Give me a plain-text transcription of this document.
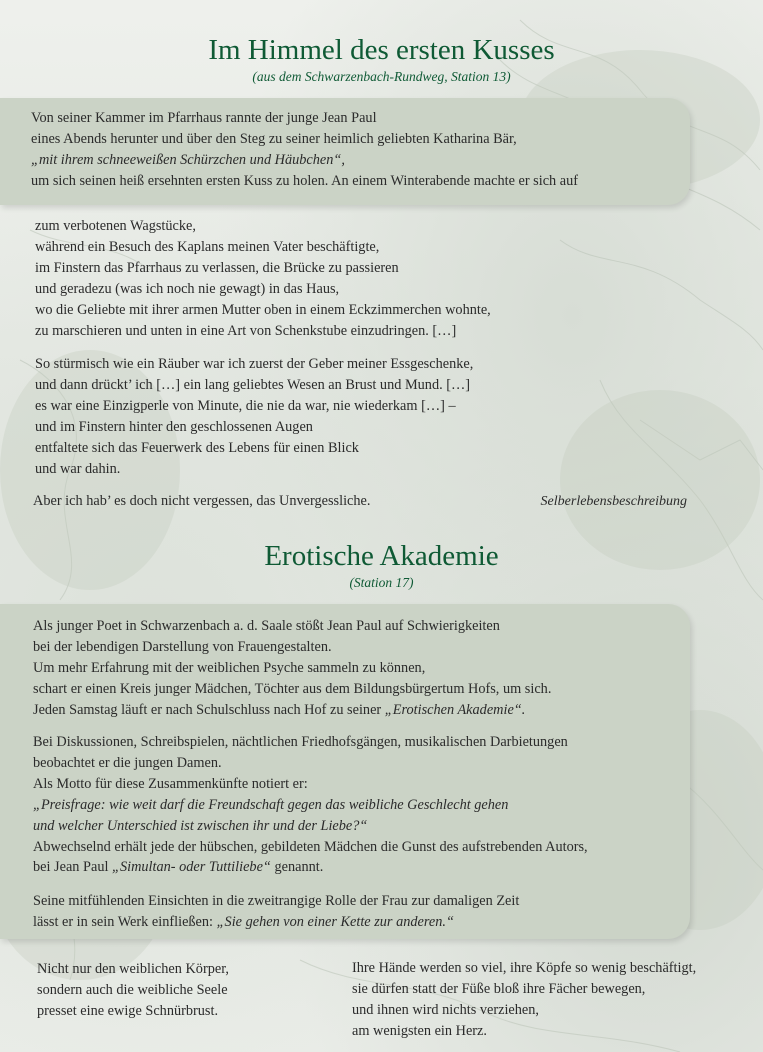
Im Himmel des ersten Kusses
(aus dem Schwarzenbach-Rundweg, Station 13)
Von seiner Kammer im Pfarrhaus rannte der junge Jean Paul
eines Abends herunter und über den Steg zu seiner heimlich geliebten Katharina Bär,
„mit ihrem schneeweißen Schürzchen und Häubchen“,
um sich seinen heiß ersehnten ersten Kuss zu holen. An einem Winterabende machte er sich auf
zum verbotenen Wagstücke,
während ein Besuch des Kaplans meinen Vater beschäftigte,
im Finstern das Pfarrhaus zu verlassen, die Brücke zu passieren
und geradezu (was ich noch nie gewagt) in das Haus,
wo die Geliebte mit ihrer armen Mutter oben in einem Eckzimmerchen wohnte,
zu marschieren und unten in eine Art von Schenkstube einzudringen. […]
So stürmisch wie ein Räuber war ich zuerst der Geber meiner Essgeschenke,
und dann drückt’ ich […] ein lang geliebtes Wesen an Brust und Mund. […]
es war eine Einzigperle von Minute, die nie da war, nie wiederkam […] –
und im Finstern hinter den geschlossenen Augen
entfaltete sich das Feuerwerk des Lebens für einen Blick
und war dahin.
Aber ich hab’ es doch nicht vergessen, das Unvergessliche.	Selberlebensbeschreibung
Erotische Akademie
(Station 17)
Als junger Poet in Schwarzenbach a. d. Saale stößt Jean Paul auf Schwierigkeiten
bei der lebendigen Darstellung von Frauengestalten.
Um mehr Erfahrung mit der weiblichen Psyche sammeln zu können,
schart er einen Kreis junger Mädchen, Töchter aus dem Bildungsbürgertum Hofs, um sich.
Jeden Samstag läuft er nach Schulschluss nach Hof zu seiner „Erotischen Akademie“.
Bei Diskussionen, Schreibspielen, nächtlichen Friedhofsgängen, musikalischen Darbietungen
beobachtet er die jungen Damen.
Als Motto für diese Zusammenkünfte notiert er:
„Preisfrage: wie weit darf die Freundschaft gegen das weibliche Geschlecht gehen
und welcher Unterschied ist zwischen ihr und der Liebe?“
Abwechselnd erhält jede der hübschen, gebildeten Mädchen die Gunst des aufstrebenden Autors,
bei Jean Paul „Simultan- oder Tuttiliebe“ genannt.
Seine mitfühlenden Einsichten in die zweitrangige Rolle der Frau zur damaligen Zeit
lässt er in sein Werk einfließen: „Sie gehen von einer Kette zur anderen.“
Nicht nur den weiblichen Körper,
sondern auch die weibliche Seele
presset eine ewige Schnürbrust.
Ihre Hände werden so viel, ihre Köpfe so wenig beschäftigt,
sie dürfen statt der Füße bloß ihre Fächer bewegen,
und ihnen wird nichts verziehen,
am wenigsten ein Herz.
